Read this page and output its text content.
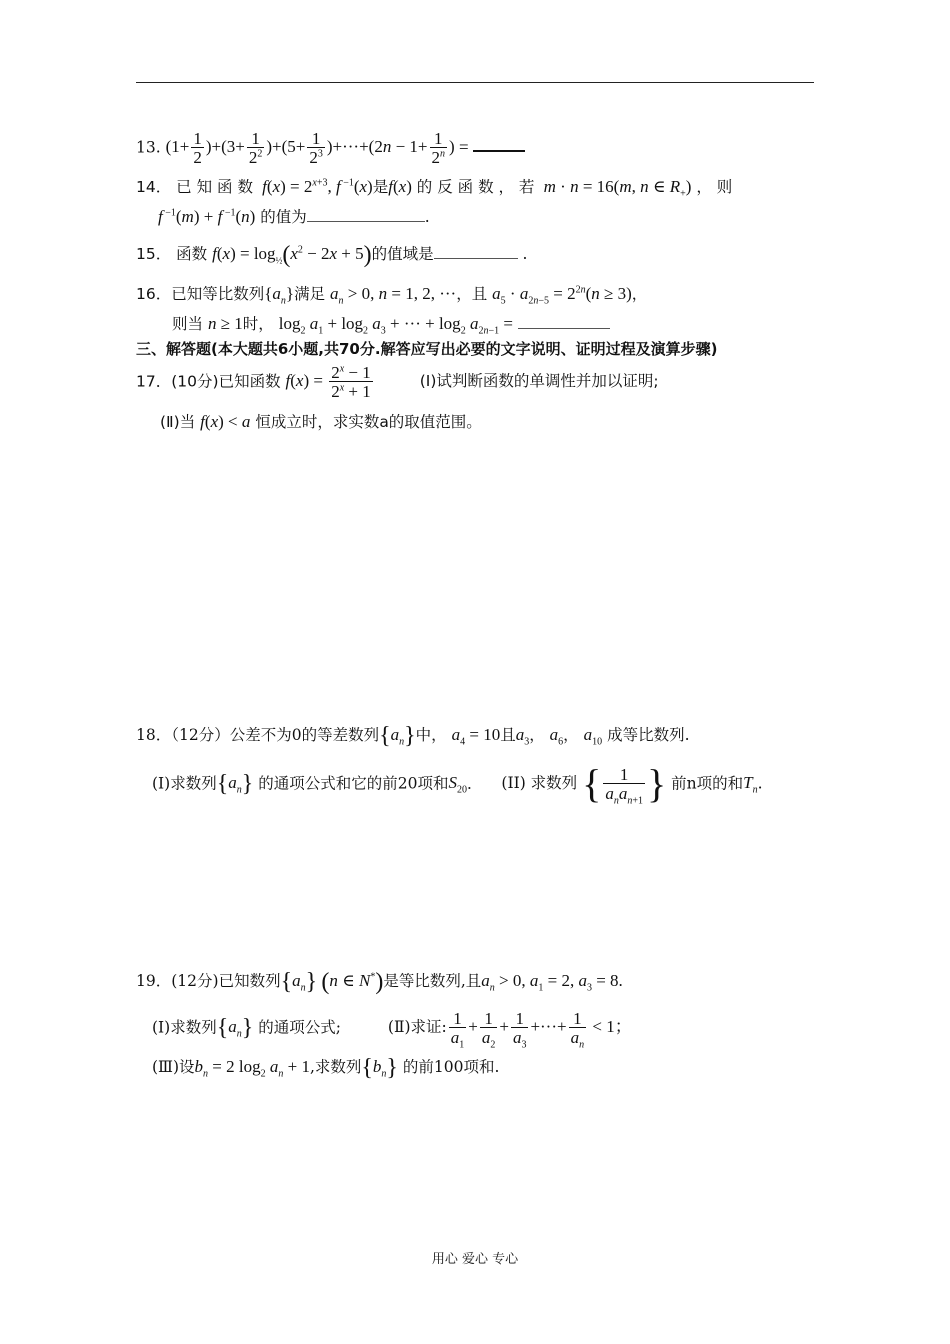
13. $(1+ \frac{1}{2} )+(3+ \frac{1}{2^2} )+(5+ \frac{1}{2^3} )+\cdot\cdot\cdot+(2n - 1+ \frac{1}{2^n}$ ) =
14． 已 知 函 数 $f(x) = 2^{x+3}$, f $^{-1}$(x)是f(x) 的 反 函 数 ， 若 m · n = 16(m, n ∈ $R_+$) ， 则
f $^{-1}$(m) + f $^{-1}$(n) 的值为	.
15． 函数 $f(x) = \log_{\frac{1}{2}}(x^2 - 2x + 5)$的值域是	.
16．已知等比数列$\{a_n\}$满足 $a_n > 0$, n = 1, 2, ···，且 $a_5 \cdot a_{2n-5} = 2^{2n}(n \ge 3)$，
则当 n ≥ 1时， $\log_2 a_1 + \log_2 a_3$ + ··· + $\log_2 a_{2n-1}$ =
三、解答题(本大题共6小题,共70分.解答应写出必要的文字说明、证明过程及演算步骤)
17．(10分)已知函数 $f(x) = \frac{2^x - 1}{2^x + 1}$	(Ⅰ)试判断函数的单调性并加以证明;
(Ⅱ)当 f(x) < a 恒成立时，求实数a的取值范围。
18．（12分）公差不为0的等差数列$\{a_n\}$中， $a_4 = 10$且$a_3$， $a_6$， $a_{10}$ 成等比数列.
(I)求数列$\{a_n\}$ 的通项公式和它的前20项和$S_{20}$． (II) 求数列 { $\frac{1}{a_na_{n+1}}$ } 前n项的和$T_n$.
19．(12分)已知数列$\{a_n\}$ (n ∈ N*)是等比数列,且$a_n > 0$, $a_1 = 2$, $a_3 = 8$.
(Ⅰ)求数列$\{a_n\}$ 的通项公式;	(Ⅱ)求证: $\frac{1}{a_1} + \frac{1}{a_2} + \frac{1}{a_3}$ +···+ $\frac{1}{a_n} < 1$；
(Ⅲ)设$b_n = 2$ $\log_2 a_n + 1$,求数列$\{b_n\}$ 的前100项和.
用心 爱心 专心
